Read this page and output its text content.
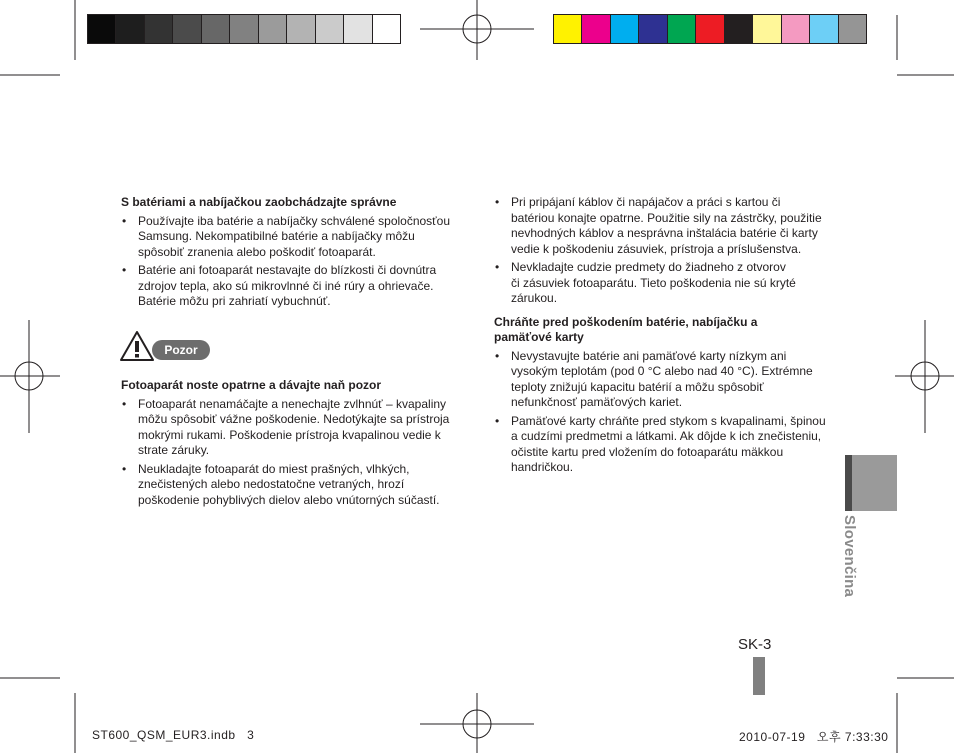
S batériami a nabíjačkou zaobchádzajte správne
• Používajte iba batérie a nabíjačky schválené spoločnosťou
Samsung. Nekompatibilné batérie a nabíjačky môžu
spôsobiť zranenia alebo poškodiť fotoaparát.
• Batérie ani fotoaparát nestavajte do blízkosti či dovnútra
zdrojov tepla, ako sú mikrovlnné či iné rúry a ohrievače.
Batérie môžu pri zahriatí vybuchnúť.
Pozor
Fotoaparát noste opatrne a dávajte naň pozor
• Fotoaparát nenamáčajte a nenechajte zvlhnúť – kvapaliny
môžu spôsobiť vážne poškodenie. Nedotýkajte sa prístroja
mokrými rukami. Poškodenie prístroja kvapalinou vedie k
strate záruky.
• Neukladajte fotoaparát do miest prašných, vlhkých,
znečistených alebo nedostatočne vetraných, hrozí
poškodenie pohyblivých dielov alebo vnútorných súčastí.
• Pri pripájaní káblov či napájačov a práci s kartou či
batériou konajte opatrne. Použitie sily na zástrčky, použitie
nevhodných káblov a nesprávna inštalácia batérie či karty
vedie k poškodeniu zásuviek, prístroja a príslušenstva.
• Nevkladajte cudzie predmety do žiadneho z otvorov
či zásuviek fotoaparátu. Tieto poškodenia nie sú kryté
zárukou.
Chráňte pred poškodením batérie, nabíjačku a
pamäťové karty
• Nevystavujte batérie ani pamäťové karty nízkym ani
vysokým teplotám (pod 0 °C alebo nad 40 °C). Extrémne
teploty znižujú kapacitu batérií a môžu spôsobiť
nefunkčnosť pamäťových kariet.
• Pamäťové karty chráňte pred stykom s kvapalinami, špinou
a cudzími predmetmi a látkami. Ak dôjde k ich znečisteniu,
očistite kartu pred vložením do fotoaparátu mäkkou
handričkou.
Slovenčina
SK-3
ST600_QSM_EUR3.indb   3	2010-07-19   오후 7:33:30
